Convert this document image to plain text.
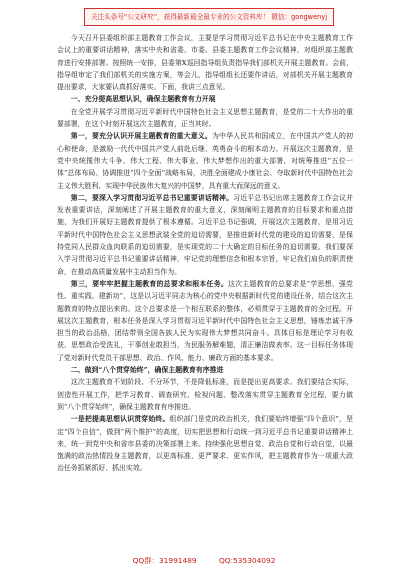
关注头条号“公文研究”，获得最新最全最专业的公文资料库！ 微信：gongwenyj

今天召开县委组织部主题教育工作会议，主要是学习贯彻习近平总书记在中央主题教育工作会议上的重要讲话精神，落实中央和省委、市委、县委主题教育工作会议精神，对组织部主题教育进行安排部署。按照统一安排，县委第X巡回指导组负责指导我们部机关开展主题教育。会前，指导组审定了我们部机关的实施方案，等会儿，指导组组长还要作讲话，对部机关开展主题教育提出要求，大家要认真抓好落实。下面，我讲三点意见。

一、充分提高思想认识，确保主题教育有力开展

在全党开展学习贯彻习近平新时代中国特色社会主义思想主题教育，是党的二十大作出的重要部署，在这个时刻开展这次主题教育，正当其时。

第一，要充分认识开展主题教育的重大意义。为中华人民共和国成立，在中国共产党人的初心和使命，是激励一代代中国共产党人前赴后继、英勇奋斗的根本动力。开展这次主题教育，是党中央统揽伟大斗争、伟大工程、伟大事业、伟大梦想作出的重大部署，对统筹推进“五位一体”总体布局、协调推进“四个全面”战略布局，决胜全面建成小康社会、夺取新时代中国特色社会主义伟大胜利、实现中华民族伟大复兴的中国梦，具有重大而深远的意义。

第二，要深入学习贯彻习近平总书记重要讲话精神。习近平总书记出席主题教育工作会议并发表重要讲话，深刻阐述了开展主题教育的重大意义，深刻阐明主题教育的目标要求和重点措施，为我们开展好主题教育提供了根本遵循。习近平总书记强调，开展这次主题教育，是用习近平新时代中国特色社会主义思想武装全党的迫切需要，是推进新时代党的建设的迫切需要，是保持党同人民群众血肉联系的迫切需要，是实现党的二十大确定的目标任务的迫切需要。我们要深入学习贯彻习近平总书记重要讲话精神，牢记党的理想信念和根本宗旨，牢记我们肩负的职责使命，在推动高质量发展中主动担当作为。

第三，要牢牢把握主题教育的总要求和根本任务。这次主题教育的总要求是“学思想、强党性、重实践、建新功”，这是以习近平同志为核心的党中央根据新时代党的建设任务，结合这次主题教育的特点提出来的。这个总要求是一个相互联系的整体，必须贯穿于主题教育的全过程。开展这次主题教育，根本任务是深入学习贯彻习近平新时代中国特色社会主义思想，锤炼忠诚干净担当的政治品格，团结带领全国各族人民为实现伟大梦想共同奋斗。具体目标是理论学习有收获、思想政治受洗礼，干事创业敢担当，为民服务解难题，清正廉洁做表率。这一目标任务体现了党对新时代党员干部思想、政治、作风、能力、廉政方面的基本要求。

二、做到“八个贯穿始终”，确保主题教育有序推进

这次主题教育不划阶段、不分环节，不是降低标准，而是提出更高要求。我们要结合实际，创造性开展工作，把学习教育、调查研究、检视问题、整改落实贯穿主题教育全过程，要力做到“八个贯穿始终”，确保主题教育有序推进。

一是把提高思想认识贯穿始终。组织部门是党的政治机关，我们要始终增强“四个意识”，坚定“四个自信”，做到“两个维护”的高度，切实把思想和行动统一到习近平总书记重要讲话精神上来，统一到党中央和省市县委的决策部署上来。持续强化思想自觉、政治自觉和行动自觉，以最饱满的政治热情投身主题教育，以更高标准、更严要求、更实作风，把主题教育作为一项重大政治任务抓紧抓好、抓出实效。

QQ群：31991489	QQ:535304092
